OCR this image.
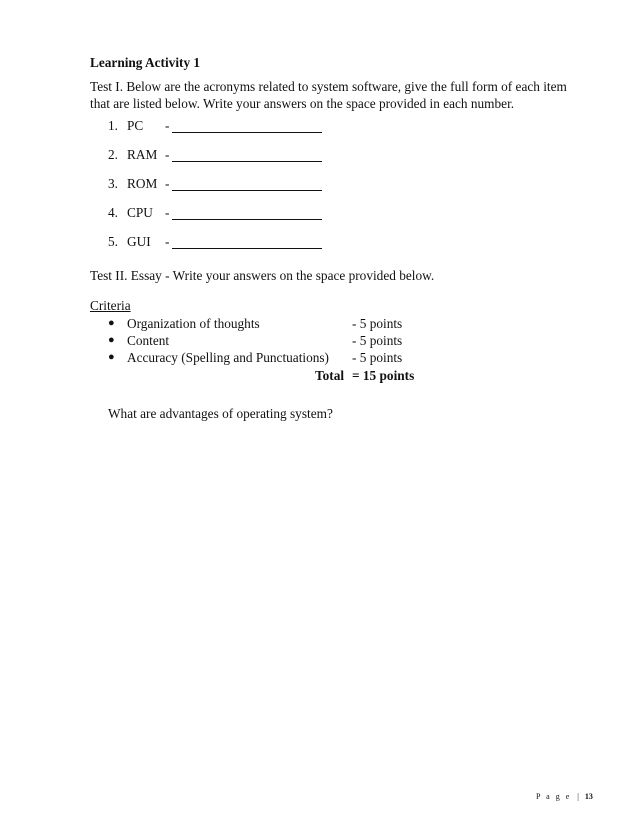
Learning Activity 1
Test I. Below are the acronyms related to system software, give the full form of each item that are listed below. Write your answers on the space provided in each number.
1. PC -
2. RAM -
3. ROM -
4. CPU -
5. GUI -
Test II. Essay - Write your answers on the space provided below.
Criteria
● Organization of thoughts	- 5 points
● Content	- 5 points
● Accuracy (Spelling and Punctuations) - 5 points
Total = 15 points
What are advantages of operating system?
P a g e | 13
